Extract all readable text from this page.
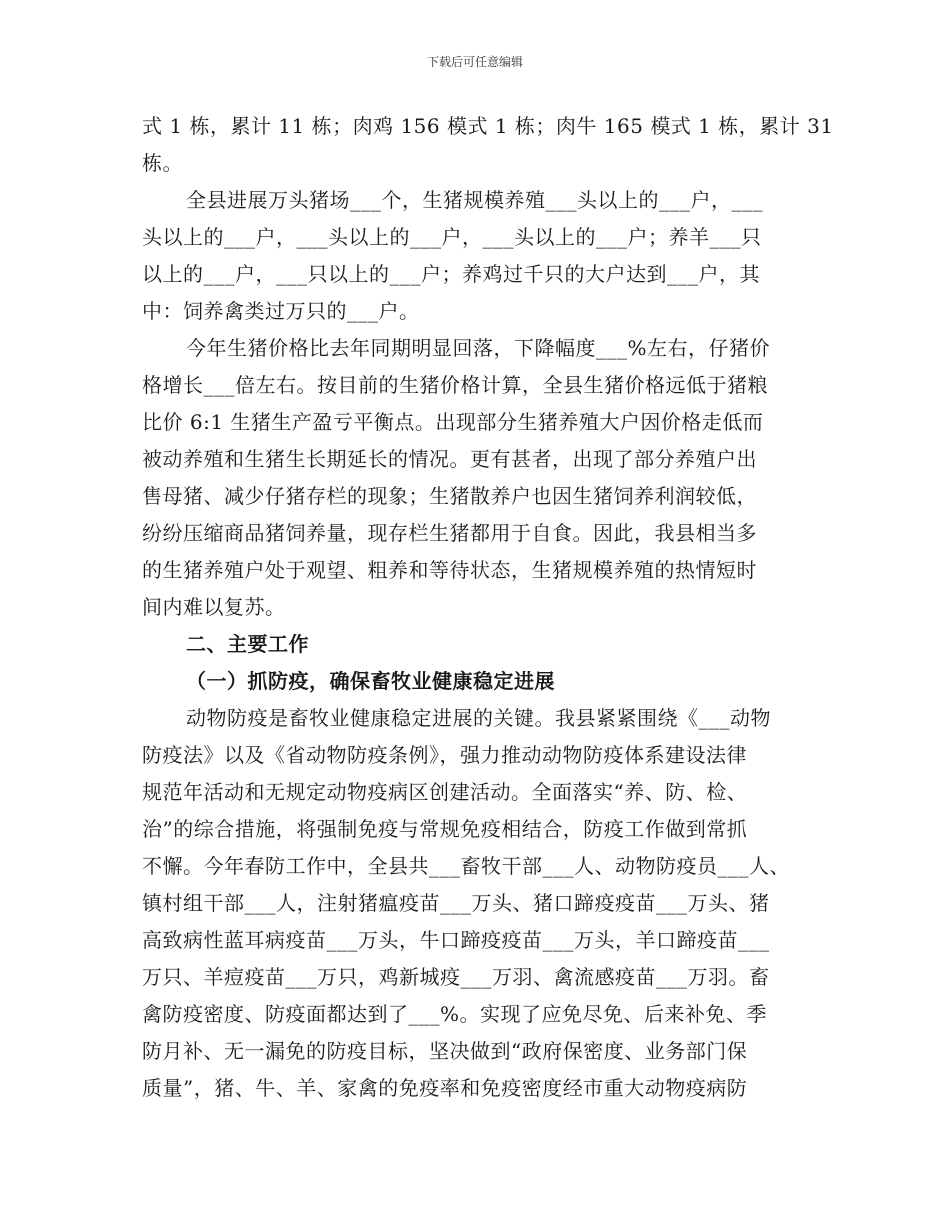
下载后可任意编辑
式 1 栋，累计 11 栋；肉鸡 156 模式 1 栋；肉牛 165 模式 1 栋，累计 31
栋。
全县进展万头猪场___个，生猪规模养殖___头以上的___户，___
头以上的___户，___头以上的___户，___头以上的___户；养羊___只
以上的___户，___只以上的___户；养鸡过千只的大户达到___户，其
中：饲养禽类过万只的___户。
今年生猪价格比去年同期明显回落，下降幅度___%左右，仔猪价
格增长___倍左右。按目前的生猪价格计算，全县生猪价格远低于猪粮
比价 6:1 生猪生产盈亏平衡点。出现部分生猪养殖大户因价格走低而
被动养殖和生猪生长期延长的情况。更有甚者，出现了部分养殖户出
售母猪、减少仔猪存栏的现象；生猪散养户也因生猪饲养利润较低，
纷纷压缩商品猪饲养量，现存栏生猪都用于自食。因此，我县相当多
的生猪养殖户处于观望、粗养和等待状态，生猪规模养殖的热情短时
间内难以复苏。
二、主要工作
（一）抓防疫，确保畜牧业健康稳定进展
动物防疫是畜牧业健康稳定进展的关键。我县紧紧围绕《___动物
防疫法》以及《省动物防疫条例》，强力推动动物防疫体系建设法律
规范年活动和无规定动物疫病区创建活动。全面落实“养、防、检、
治”的综合措施，将强制免疫与常规免疫相结合，防疫工作做到常抓
不懈。今年春防工作中，全县共___畜牧干部___人、动物防疫员___人、
镇村组干部___人，注射猪瘟疫苗___万头、猪口蹄疫疫苗___万头、猪
高致病性蓝耳病疫苗___万头，牛口蹄疫疫苗___万头，羊口蹄疫苗___
万只、羊痘疫苗___万只，鸡新城疫___万羽、禽流感疫苗___万羽。畜
禽防疫密度、防疫面都达到了___%。实现了应免尽免、后来补免、季
防月补、无一漏免的防疫目标，坚决做到“政府保密度、业务部门保
质量”，猪、牛、羊、家禽的免疫率和免疫密度经市重大动物疫病防
